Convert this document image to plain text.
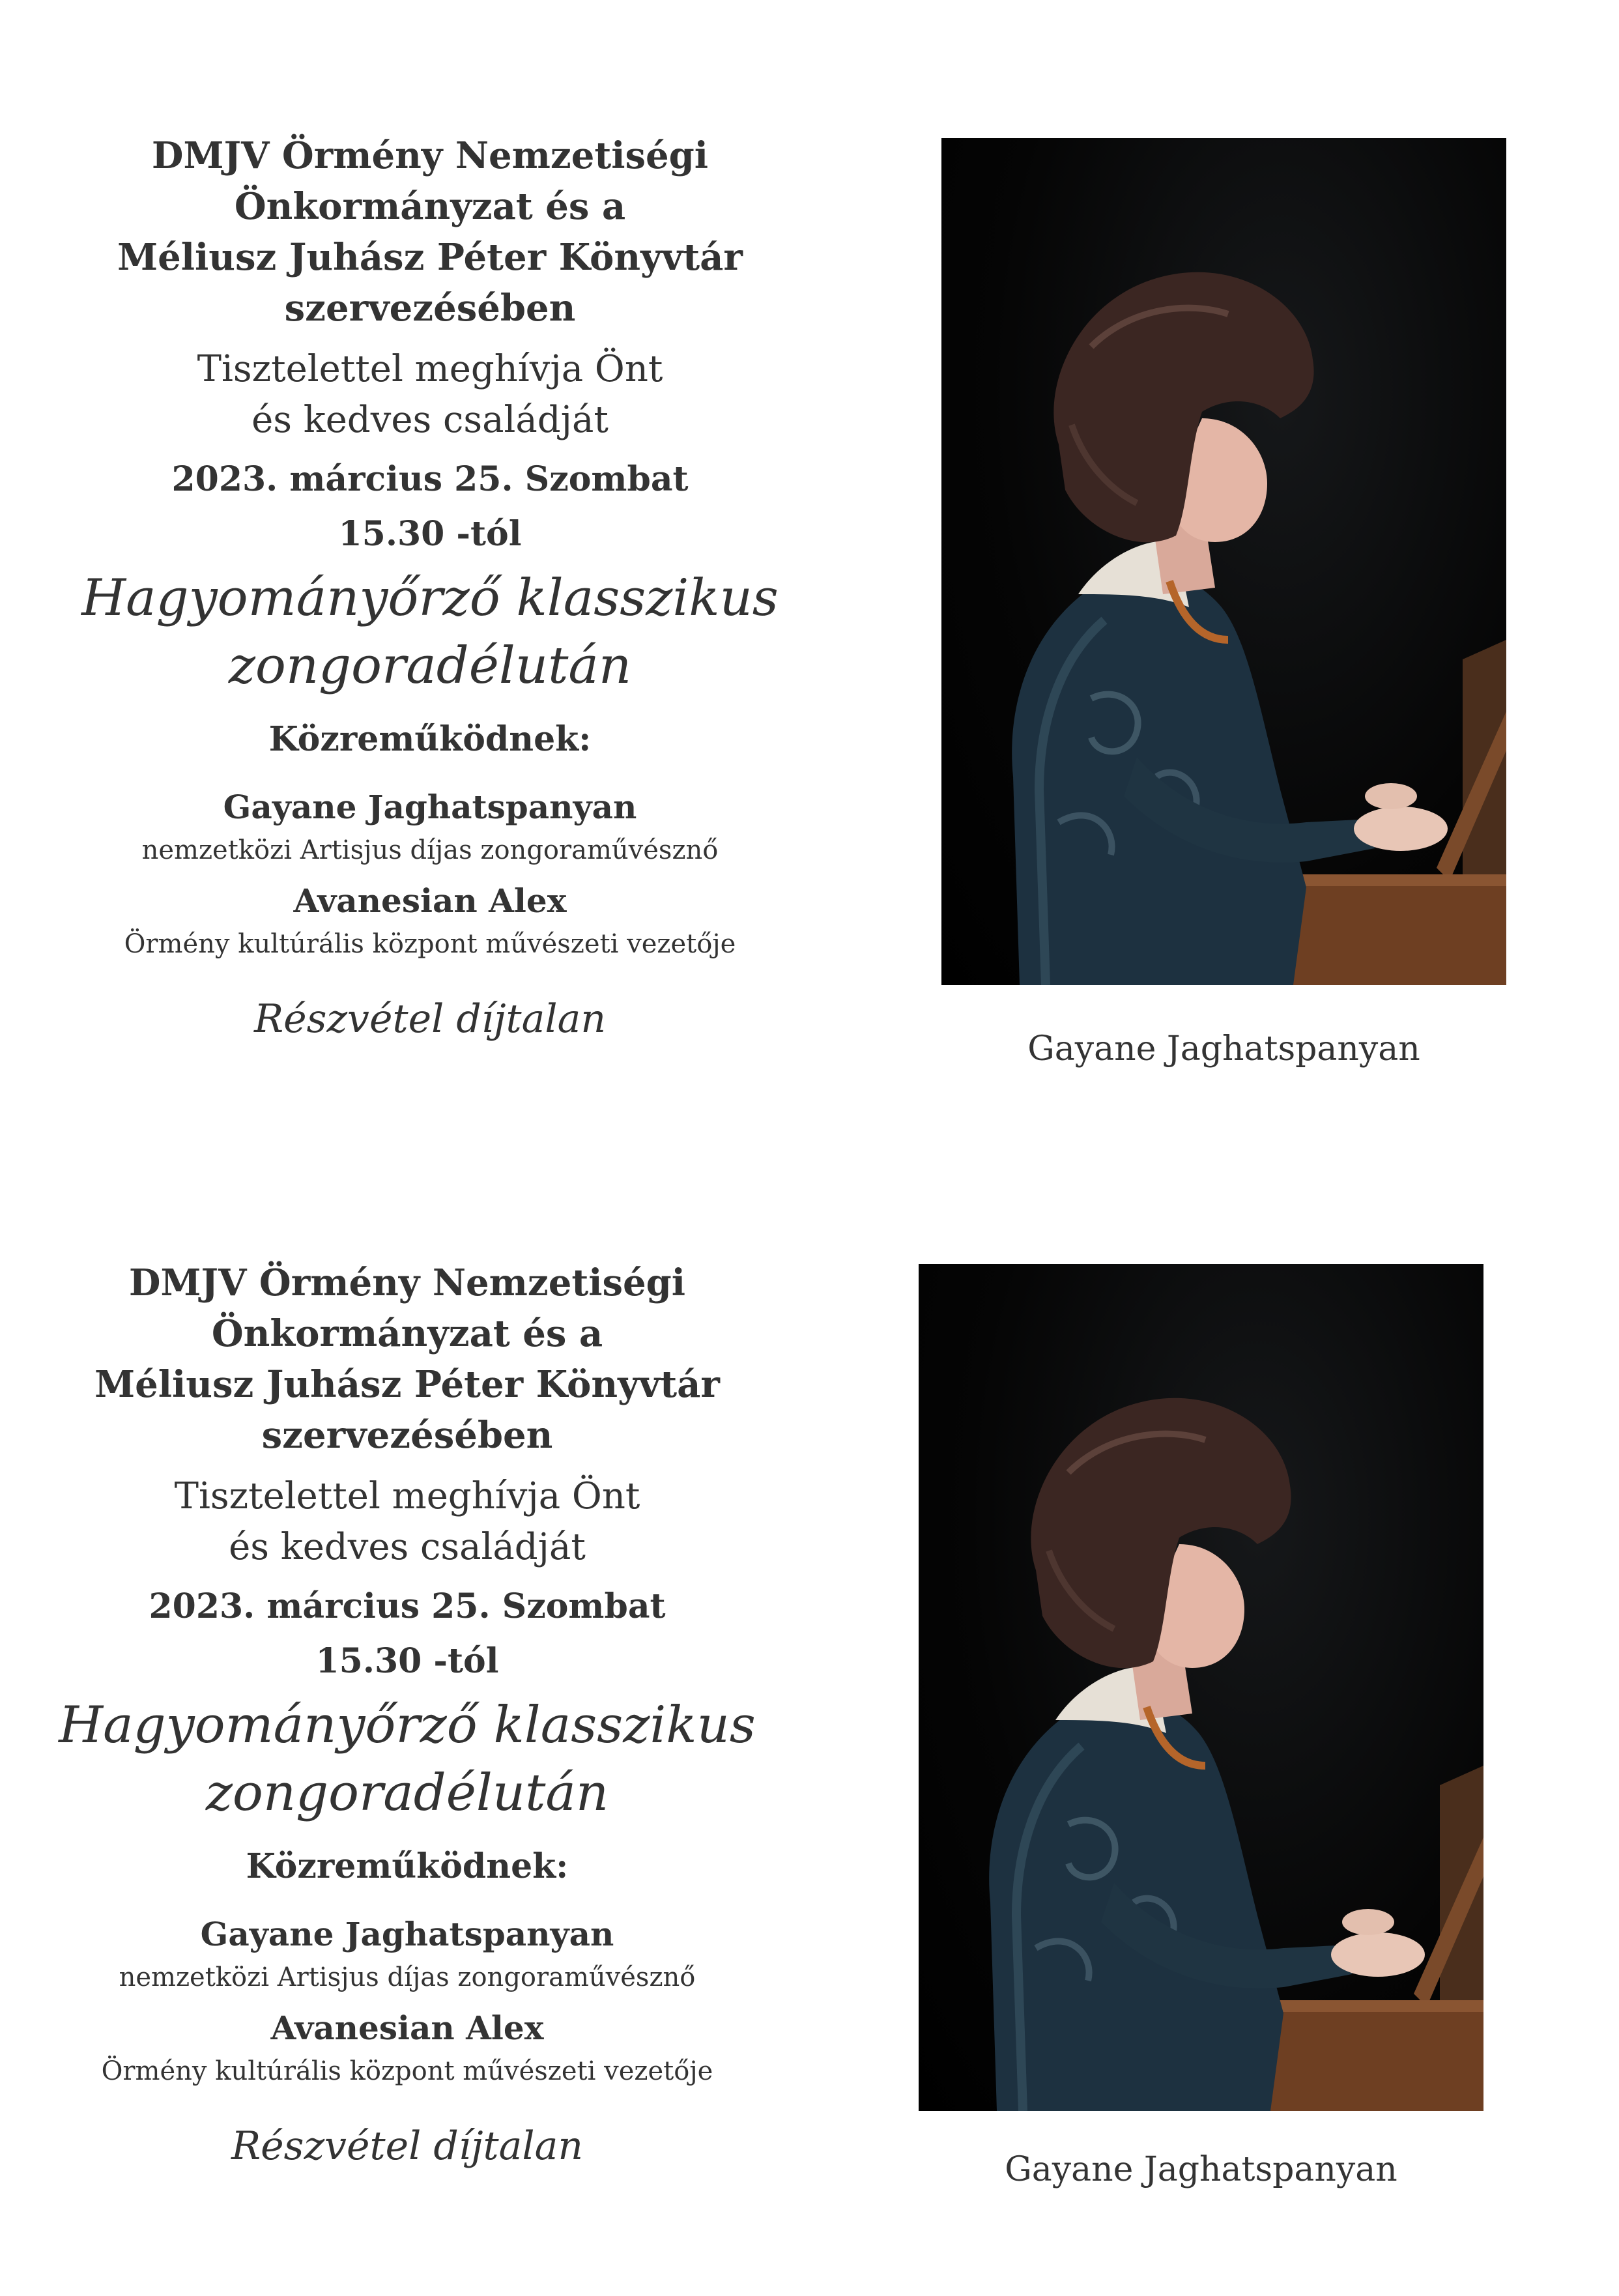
DMJV Örmény Nemzetiségi
Önkormányzat és a
Méliusz Juhász Péter Könyvtár
szervezésében
Tisztelettel meghívja Önt
és kedves családját
2023. március 25. Szombat
15.30 -tól
Hagyományőrző klasszikus
zongoradélután
Közreműködnek:
Gayane Jaghatspanyan
nemzetközi Artisjus díjas zongoraművésznő
Avanesian Alex
Örmény kultúrális központ művészeti vezetője
Részvétel díjtalan
Gayane Jaghatspanyan
DMJV Örmény Nemzetiségi
Önkormányzat és a
Méliusz Juhász Péter Könyvtár
szervezésében
Tisztelettel meghívja Önt
és kedves családját
2023. március 25. Szombat
15.30 -tól
Hagyományőrző klasszikus
zongoradélután
Közreműködnek:
Gayane Jaghatspanyan
nemzetközi Artisjus díjas zongoraművésznő
Avanesian Alex
Örmény kultúrális központ művészeti vezetője
Részvétel díjtalan
Gayane Jaghatspanyan
